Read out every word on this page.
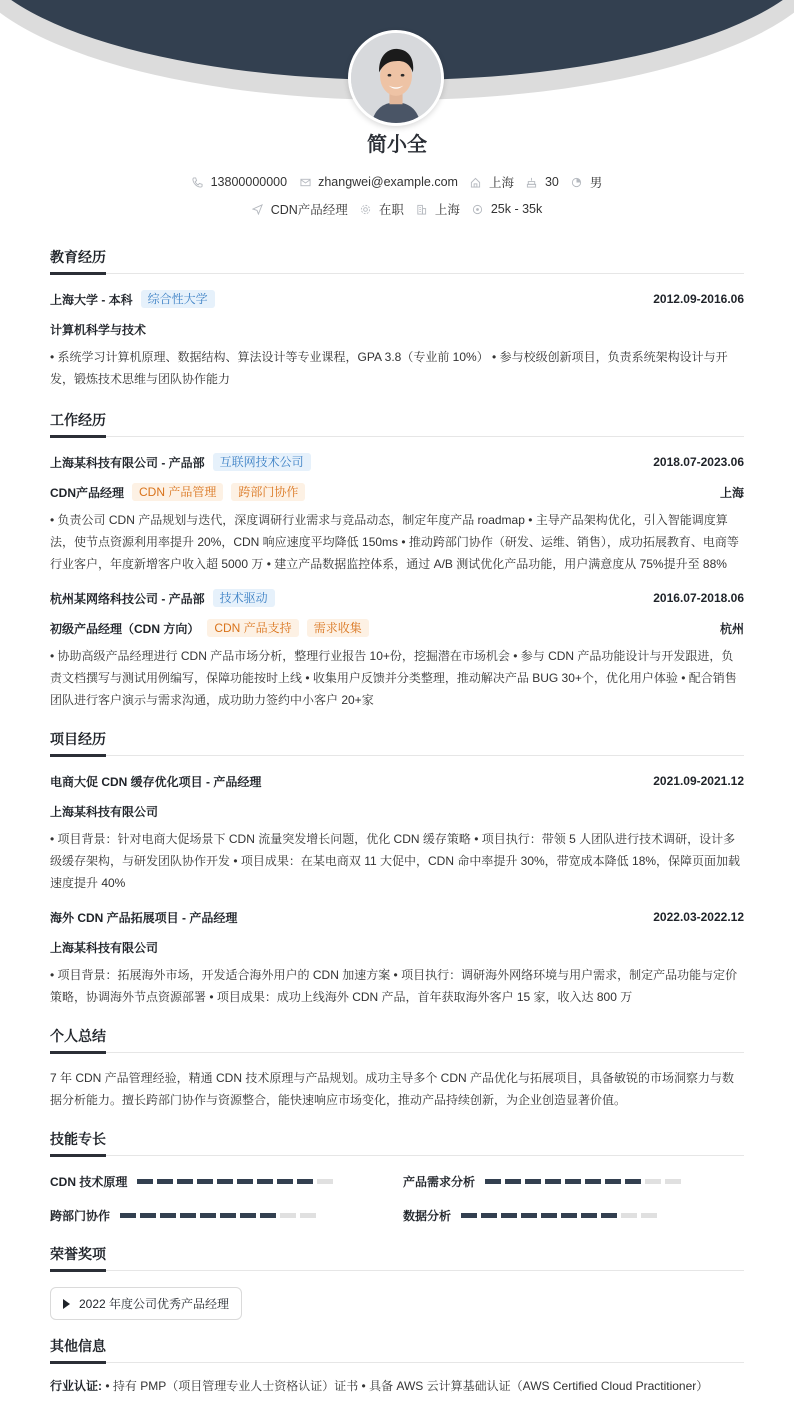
简小全
13800000000 zhangwei@example.com 上海 30 男
CDN产品经理 在职 上海 25k - 35k
教育经历
上海大学 - 本科	综合性大学	2012.09-2016.06
计算机科学与技术
• 系统学习计算机原理、数据结构、算法设计等专业课程，GPA 3.8（专业前 10%） • 参与校级创新项目，负责系统架构设计与开发，锻炼技术思维与团队协作能力
工作经历
上海某科技有限公司 - 产品部	互联网技术公司	2018.07-2023.06
CDN产品经理	CDN 产品管理	跨部门协作	上海
• 负责公司 CDN 产品规划与迭代，深度调研行业需求与竞品动态，制定年度产品 roadmap • 主导产品架构优化，引入智能调度算法，使节点资源利用率提升 20%，CDN 响应速度平均降低 150ms • 推动跨部门协作（研发、运维、销售），成功拓展教育、电商等行业客户，年度新增客户收入超 5000 万 • 建立产品数据监控体系，通过 A/B 测试优化产品功能，用户满意度从 75%提升至 88%
杭州某网络科技公司 - 产品部	技术驱动	2016.07-2018.06
初级产品经理（CDN 方向）	CDN 产品支持	需求收集	杭州
• 协助高级产品经理进行 CDN 产品市场分析，整理行业报告 10+份，挖掘潜在市场机会 • 参与 CDN 产品功能设计与开发跟进，负责文档撰写与测试用例编写，保障功能按时上线 • 收集用户反馈并分类整理，推动解决产品 BUG 30+个，优化用户体验 • 配合销售团队进行客户演示与需求沟通，成功助力签约中小客户 20+家
项目经历
电商大促 CDN 缓存优化项目 - 产品经理	2021.09-2021.12
上海某科技有限公司
• 项目背景：针对电商大促场景下 CDN 流量突发增长问题，优化 CDN 缓存策略 • 项目执行：带领 5 人团队进行技术调研，设计多级缓存架构，与研发团队协作开发 • 项目成果：在某电商双 11 大促中，CDN 命中率提升 30%，带宽成本降低 18%，保障页面加载速度提升 40%
海外 CDN 产品拓展项目 - 产品经理	2022.03-2022.12
上海某科技有限公司
• 项目背景：拓展海外市场，开发适合海外用户的 CDN 加速方案 • 项目执行：调研海外网络环境与用户需求，制定产品功能与定价策略，协调海外节点资源部署 • 项目成果：成功上线海外 CDN 产品，首年获取海外客户 15 家，收入达 800 万
个人总结
7 年 CDN 产品管理经验，精通 CDN 技术原理与产品规划。成功主导多个 CDN 产品优化与拓展项目，具备敏锐的市场洞察力与数据分析能力。擅长跨部门协作与资源整合，能快速响应市场变化，推动产品持续创新，为企业创造显著价值。
技能专长
CDN 技术原理	产品需求分析
跨部门协作	数据分析
荣誉奖项
2022 年度公司优秀产品经理
其他信息
行业认证: • 持有 PMP（项目管理专业人士资格认证）证书 • 具备 AWS 云计算基础认证（AWS Certified Cloud Practitioner）
